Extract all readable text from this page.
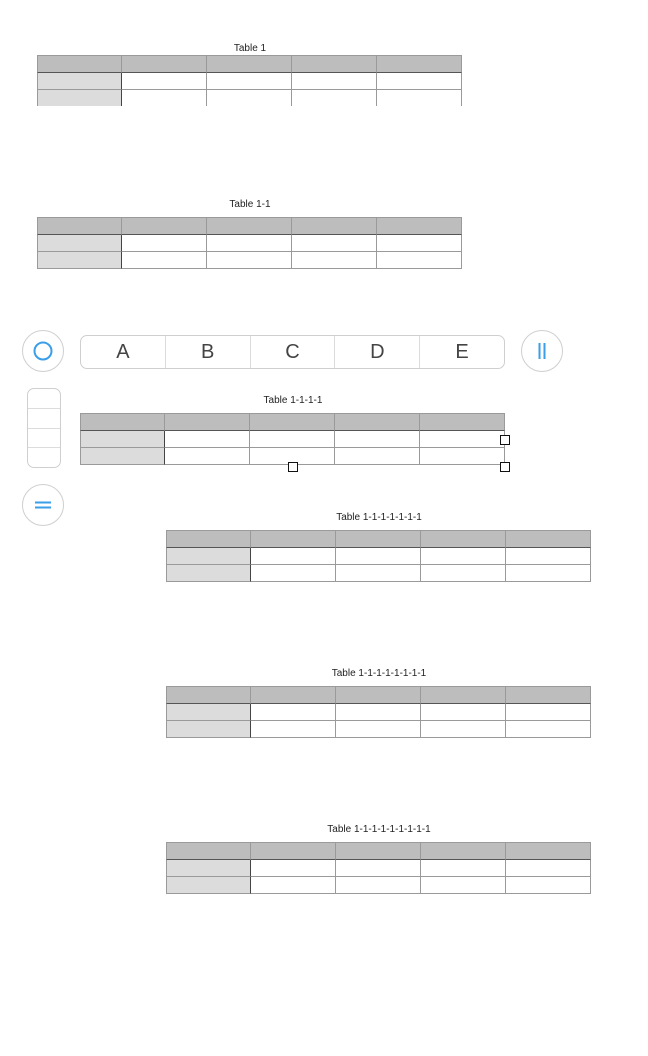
Table 1
Table 1-1
A	B	C	D	E
Table 1-1-1-1
Table 1-1-1-1-1-1-1
Table 1-1-1-1-1-1-1-1
Table 1-1-1-1-1-1-1-1-1
